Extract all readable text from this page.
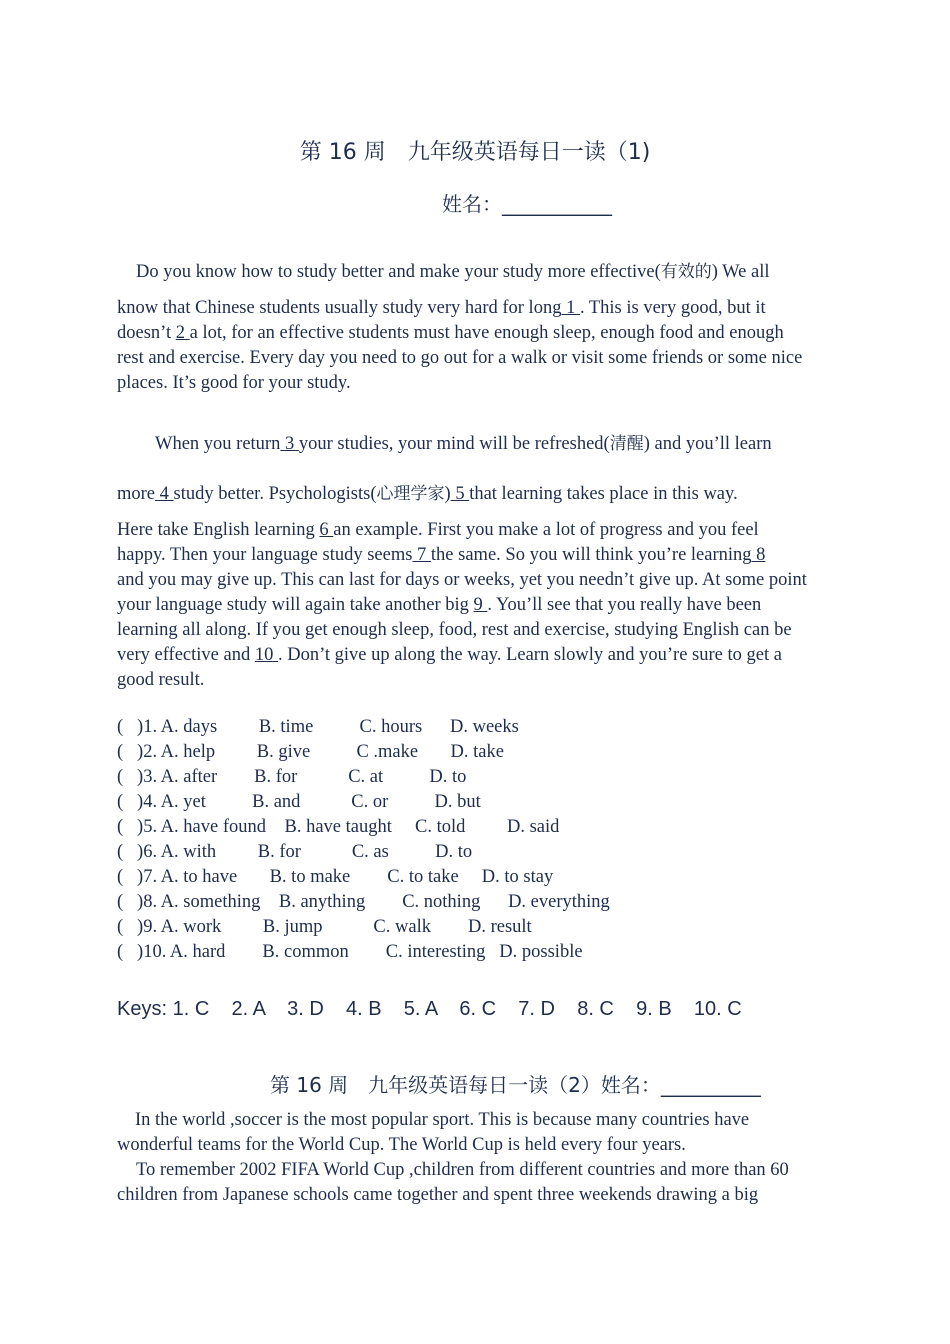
第 16 周　九年级英语每日一读（1)
姓名：___________
Do you know how to study better and make your study more effective(有效的) We all
know that Chinese students usually study very hard for long 1 . This is very good, but it
doesn’t 2 a lot, for an effective students must have enough sleep, enough food and enough
rest and exercise. Every day you need to go out for a walk or visit some friends or some nice
places. It’s good for your study.
When you return 3 your studies, your mind will be refreshed(清醒) and you’ll learn
more 4 study better. Psychologists(心理学家) 5 that learning takes place in this way.
Here take English learning 6 an example. First you make a lot of progress and you feel
happy. Then your language study seems 7 the same. So you will think you’re learning 8
and you may give up. This can last for days or weeks, yet you needn’t give up. At some point
your language study will again take another big 9 . You’ll see that you really have been
learning all along. If you get enough sleep, food, rest and exercise, studying English can be
very effective and 10 . Don’t give up along the way. Learn slowly and you’re sure to get a
good result.
(   )1. A. days         B. time          C. hours      D. weeks
(   )2. A. help         B. give          C .make       D. take
(   )3. A. after        B. for           C. at          D. to
(   )4. A. yet          B. and           C. or          D. but
(   )5. A. have found    B. have taught     C. told         D. said
(   )6. A. with         B. for           C. as          D. to
(   )7. A. to have       B. to make        C. to take     D. to stay
(   )8. A. something    B. anything        C. nothing      D. everything
(   )9. A. work         B. jump           C. walk        D. result
(   )10. A. hard        B. common        C. interesting   D. possible
Keys: 1. C    2. A    3. D    4. B    5. A    6. C    7. D    8. C    9. B    10. C
第 16 周　九年级英语每日一读（2）姓名：__________
In the world ,soccer is the most popular sport. This is because many countries have
wonderful teams for the World Cup. The World Cup is held every four years.
To remember 2002 FIFA World Cup ,children from different countries and more than 60
children from Japanese schools came together and spent three weekends drawing a big
